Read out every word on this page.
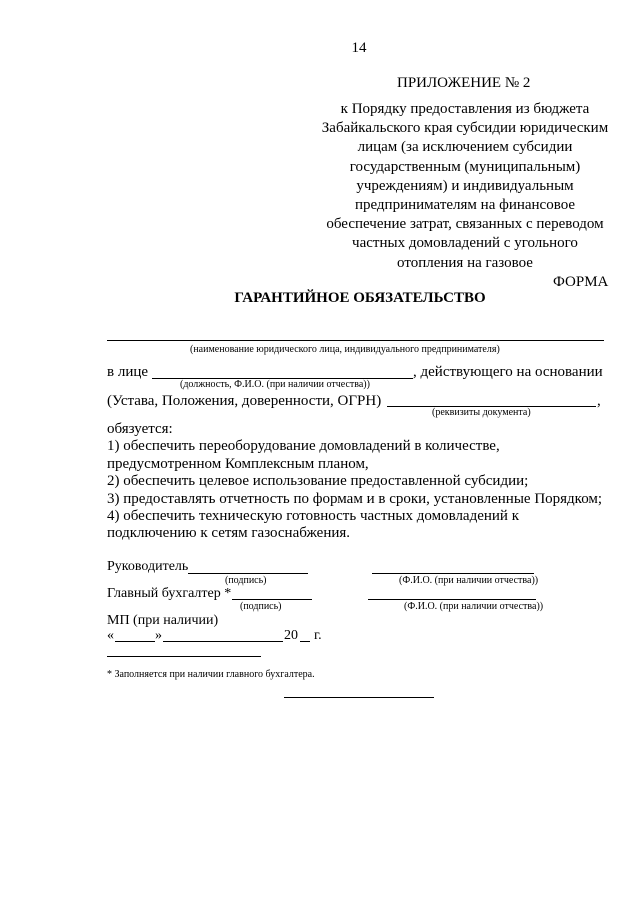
14
ПРИЛОЖЕНИЕ № 2
к Порядку предоставления из бюджета
Забайкальского края субсидии юридическим
лицам (за исключением субсидии
государственным (муниципальным)
учреждениям) и индивидуальным
предпринимателям на финансовое
обеспечение затрат, связанных с переводом
частных домовладений с угольного
отопления на газовое
ФОРМА
ГАРАНТИЙНОЕ ОБЯЗАТЕЛЬСТВО
(наименование юридического лица, индивидуального предпринимателя)
в лице	, действующего на основании
(должность, Ф.И.О. (при наличии отчества))
(Устава, Положения, доверенности, ОГРН)	,
(реквизиты документа)
обязуется:
1) обеспечить переоборудование домовладений в количестве,
предусмотренном Комплексным планом,
2) обеспечить целевое использование предоставленной субсидии;
3) предоставлять отчетность по формам и в сроки, установленные Порядком;
4) обеспечить техническую готовность частных домовладений к
подключению к сетям газоснабжения.
Руководитель
(подпись)	(Ф.И.О. (при наличии отчества))
Главный бухгалтер *
(подпись)	(Ф.И.О. (при наличии отчества))
МП (при наличии)
«	»	20 г.
* Заполняется при наличии главного бухгалтера.
